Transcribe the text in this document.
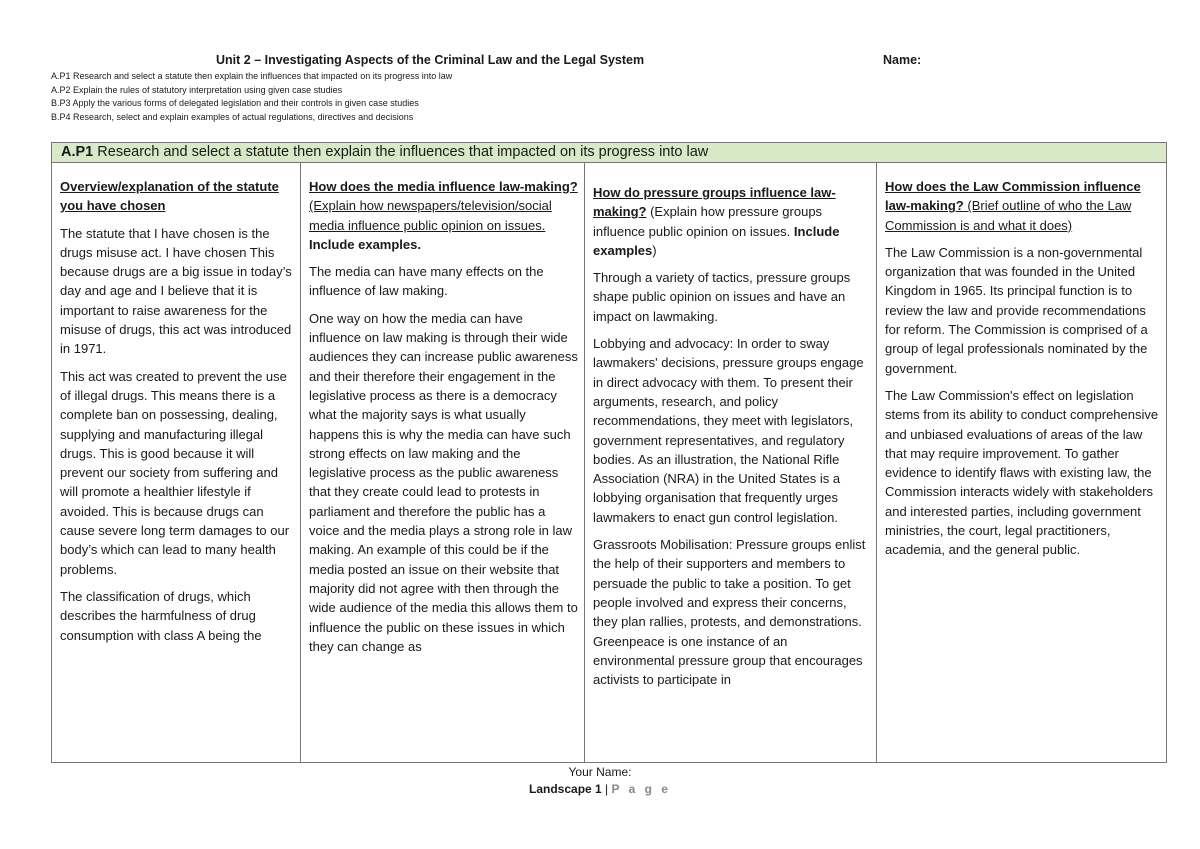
Unit 2 – Investigating Aspects of the Criminal Law and the Legal System	Name:
A.P1 Research and select a statute then explain the influences that impacted on its progress into law
A.P2 Explain the rules of statutory interpretation using given case studies
B.P3 Apply the various forms of delegated legislation and their controls in given case studies
B.P4 Research, select and explain examples of actual regulations, directives and decisions
A.P1 Research and select a statute then explain the influences that impacted on its progress into law

Overview/explanation of the statute you have chosen

The statute that I have chosen is the drugs misuse act. I have chosen This because drugs are a big issue in today’s day and age and I believe that it is important to raise awareness for the misuse of drugs, this act was introduced in 1971.

This act was created to prevent the use of illegal drugs. This means there is a complete ban on possessing, dealing, supplying and manufacturing illegal drugs. This is good because it will prevent our society from suffering and will promote a healthier lifestyle if avoided. This is because drugs can cause severe long term damages to our body’s which can lead to many health problems.

The classification of drugs, which describes the harmfulness of drug consumption with class A being the

How does the media influence law-making? (Explain how newspapers/television/social media influence public opinion on issues. Include examples.

The media can have many effects on the influence of law making.

One way on how the media can have influence on law making is through their wide audiences they can increase public awareness and their therefore their engagement in the legislative process as there is a democracy what the majority says is what usually happens this is why the media can have such strong effects on law making and the legislative process as the public awareness that they create could lead to protests in parliament and therefore the public has a voice and the media plays a strong role in law making. An example of this could be if the media posted an issue on their website that majority did not agree with then through the wide audience of the media this allows them to influence the public on these issues in which they can change as

How do pressure groups influence law-making? (Explain how pressure groups influence public opinion on issues. Include examples)

Through a variety of tactics, pressure groups shape public opinion on issues and have an impact on lawmaking.

Lobbying and advocacy: In order to sway lawmakers' decisions, pressure groups engage in direct advocacy with them. To present their arguments, research, and policy recommendations, they meet with legislators, government representatives, and regulatory bodies. As an illustration, the National Rifle Association (NRA) in the United States is a lobbying organisation that frequently urges lawmakers to enact gun control legislation.

Grassroots Mobilisation: Pressure groups enlist the help of their supporters and members to persuade the public to take a position. To get people involved and express their concerns, they plan rallies, protests, and demonstrations. Greenpeace is one instance of an environmental pressure group that encourages activists to participate in

How does the Law Commission influence law-making? (Brief outline of who the Law Commission is and what it does)

The Law Commission is a non-governmental organization that was founded in the United Kingdom in 1965. Its principal function is to review the law and provide recommendations for reform. The Commission is comprised of a group of legal professionals nominated by the government.

The Law Commission's effect on legislation stems from its ability to conduct comprehensive and unbiased evaluations of areas of the law that may require improvement. To gather evidence to identify flaws with existing law, the Commission interacts widely with stakeholders and interested parties, including government ministries, the court, legal practitioners, academia, and the general public.

Your Name:
Landscape 1 | P a g e
